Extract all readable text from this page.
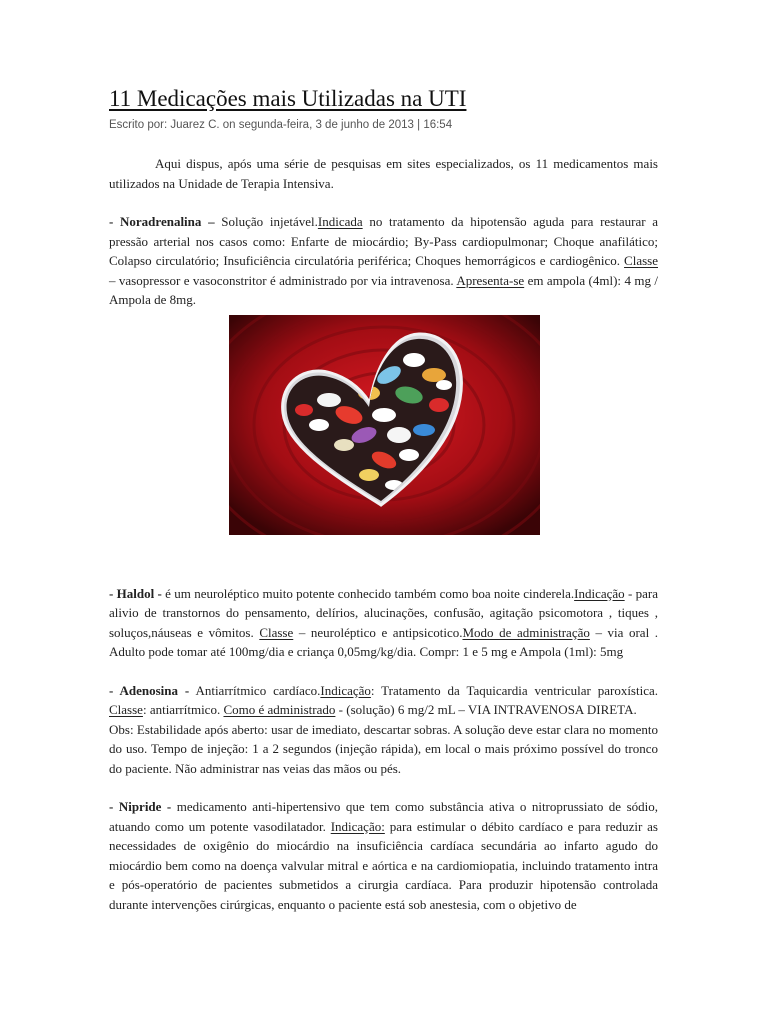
11 Medicações mais Utilizadas na UTI
Escrito por: Juarez C. on segunda-feira, 3 de junho de 2013 | 16:54

Aqui dispus, após uma série de pesquisas em sites especializados, os 11 medicamentos mais utilizados na Unidade de Terapia Intensiva.

- Noradrenalina – Solução injetável.Indicada no tratamento da hipotensão aguda para restaurar a pressão arterial nos casos como: Enfarte de miocárdio; By-Pass cardiopulmonar; Choque anafilático; Colapso circulatório; Insuficiência circulatória periférica; Choques hemorrágicos e cardiogênico. Classe – vasopressor e vasoconstritor é administrado por via intravenosa. Apresenta-se em ampola (4ml): 4 mg / Ampola de 8mg.

- Haldol - é um neuroléptico muito potente conhecido também como boa noite cinderela.Indicação - para alivio de transtornos do pensamento, delírios, alucinações, confusão, agitação psicomotora , tiques , soluços,náuseas e vômitos. Classe – neuroléptico e antipsicotico.Modo de administração – via oral . Adulto pode tomar até 100mg/dia e criança 0,05mg/kg/dia. Compr: 1 e 5 mg e Ampola (1ml): 5mg

- Adenosina - Antiarrítmico cardíaco.Indicação: Tratamento da Taquicardia ventricular paroxística. Classe: antiarrítmico. Como é administrado - (solução) 6 mg/2 mL – VIA INTRAVENOSA DIRETA.

Obs: Estabilidade após aberto: usar de imediato, descartar sobras. A solução deve estar clara no momento do uso. Tempo de injeção: 1 a 2 segundos (injeção rápida), em local o mais próximo possível do tronco do paciente. Não administrar nas veias das mãos ou pés.

- Nipride - medicamento anti-hipertensivo que tem como substância ativa o nitroprussiato de sódio, atuando como um potente vasodilatador. Indicação: para estimular o débito cardíaco e para reduzir as necessidades de oxigênio do miocárdio na insuficiência cardíaca secundária ao infarto agudo do miocárdio bem como na doença valvular mitral e aórtica e na cardiomiopatia, incluindo tratamento intra e pós-operatório de pacientes submetidos a cirurgia cardíaca. Para produzir hipotensão controlada durante intervenções cirúrgicas, enquanto o paciente está sob anestesia, com o objetivo de
